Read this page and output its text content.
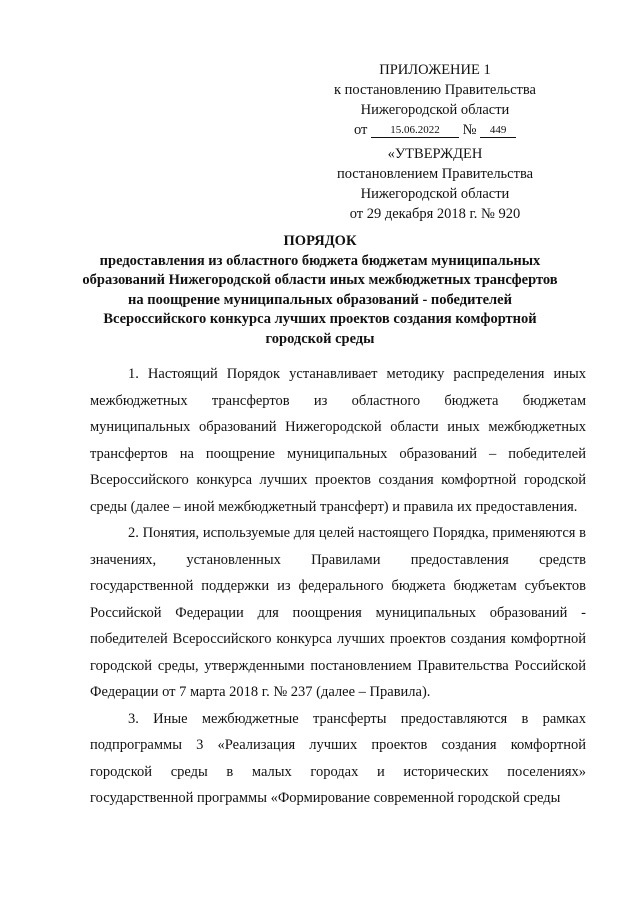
ПРИЛОЖЕНИЕ 1
к постановлению Правительства
Нижегородской области
от 15.06.2022 № 449
«УТВЕРЖДЕН
постановлением Правительства
Нижегородской области
от 29 декабря 2018 г. № 920
ПОРЯДОК
предоставления из областного бюджета бюджетам муниципальных
образований Нижегородской области иных межбюджетных трансфертов
на поощрение муниципальных образований - победителей
Всероссийского конкурса лучших проектов создания комфортной
городской среды

1. Настоящий Порядок устанавливает методику распределения иных межбюджетных трансфертов из областного бюджета бюджетам муниципальных образований Нижегородской области иных межбюджетных трансфертов на поощрение муниципальных образований – победителей Всероссийского конкурса лучших проектов создания комфортной городской среды (далее – иной межбюджетный трансферт) и правила их предоставления.

2. Понятия, используемые для целей настоящего Порядка, применяются в значениях, установленных Правилами предоставления средств государственной поддержки из федерального бюджета бюджетам субъектов Российской Федерации для поощрения муниципальных образований - победителей Всероссийского конкурса лучших проектов создания комфортной городской среды, утвержденными постановлением Правительства Российской Федерации от 7 марта 2018 г. № 237 (далее – Правила).

3. Иные межбюджетные трансферты предоставляются в рамках подпрограммы 3 «Реализация лучших проектов создания комфортной городской среды в малых городах и исторических поселениях» государственной программы «Формирование современной городской среды
